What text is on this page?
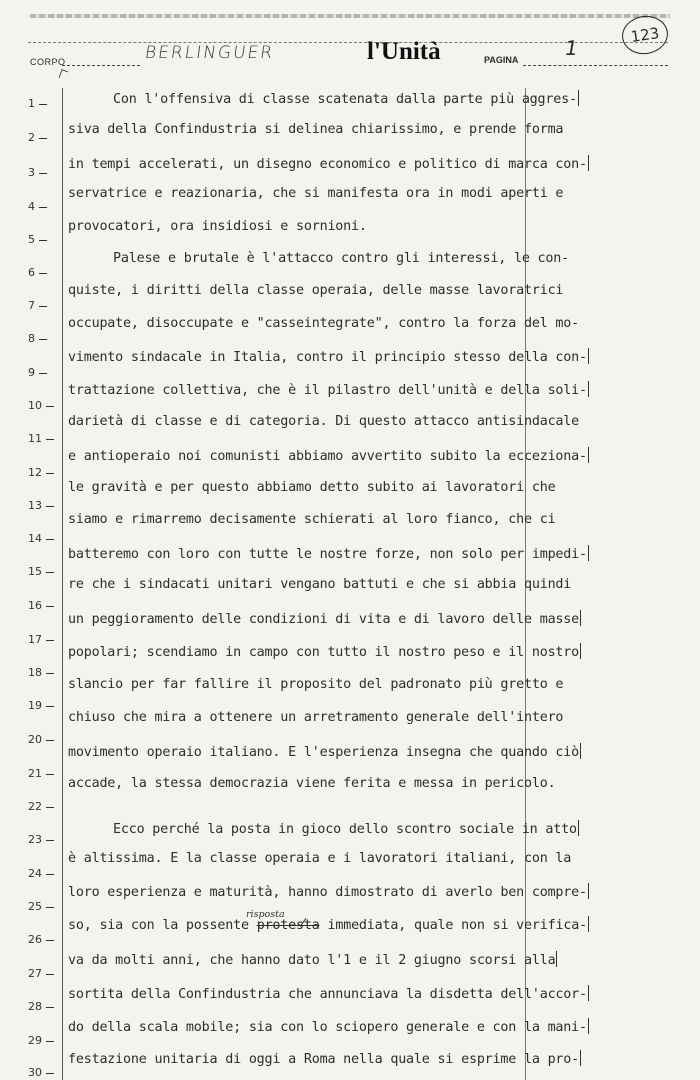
CORPO	BERLINGUER	l'Unità	PAGINA 1
123
1
2
3
4
5
6
7
8
9
10
11
12
13
14
15
16
17
18
19
20
21
22
23
24
25
26
27
28
29
30
Con l'offensiva di classe scatenata dalla parte più aggres-
siva della Confindustria si delinea chiarissimo, e prende forma
in tempi accelerati, un disegno economico e politico di marca con-
servatrice e reazionaria, che si manifesta ora in modi aperti e
provocatori, ora insidiosi e sornioni.
Palese e brutale è l'attacco contro gli interessi, le con-
quiste, i diritti della classe operaia, delle masse lavoratrici
occupate, disoccupate e "casseintegrate", contro la forza del mo-
vimento sindacale in Italia, contro il principio stesso della con-
trattazione collettiva, che è il pilastro dell'unità e della soli-
darietà di classe e di categoria. Di questo attacco antisindacale
e antioperaio noi comunisti abbiamo avvertito subito la ecceziona-
le gravità e per questo abbiamo detto subito ai lavoratori che
siamo e rimarremo decisamente schierati al loro fianco, che ci
batteremo con loro con tutte le nostre forze, non solo per impedi-
re che i sindacati unitari vengano battuti e che si abbia quindi
un peggioramento delle condizioni di vita e di lavoro delle masse
popolari; scendiamo in campo con tutto il nostro peso e il nostro
slancio per far fallire il proposito del padronato più gretto e
chiuso che mira a ottenere un arretramento generale dell'intero
movimento operaio italiano. E l'esperienza insegna che quando ciò
accade, la stessa democrazia viene ferita e messa in pericolo.
Ecco perché la posta in gioco dello scontro sociale in atto
è altissima. E la classe operaia e i lavoratori italiani, con la
loro esperienza e maturità, hanno dimostrato di averlo ben compre-
so, sia con la possente protesta immediata, quale non si verifica-
va da molti anni, che hanno dato l'1 e il 2 giugno scorsi alla
sortita della Confindustria che annunciava la disdetta dell'accor-
do della scala mobile; sia con lo sciopero generale e con la mani-
festazione unitaria di oggi a Roma nella quale si esprime la pro-
risposta
